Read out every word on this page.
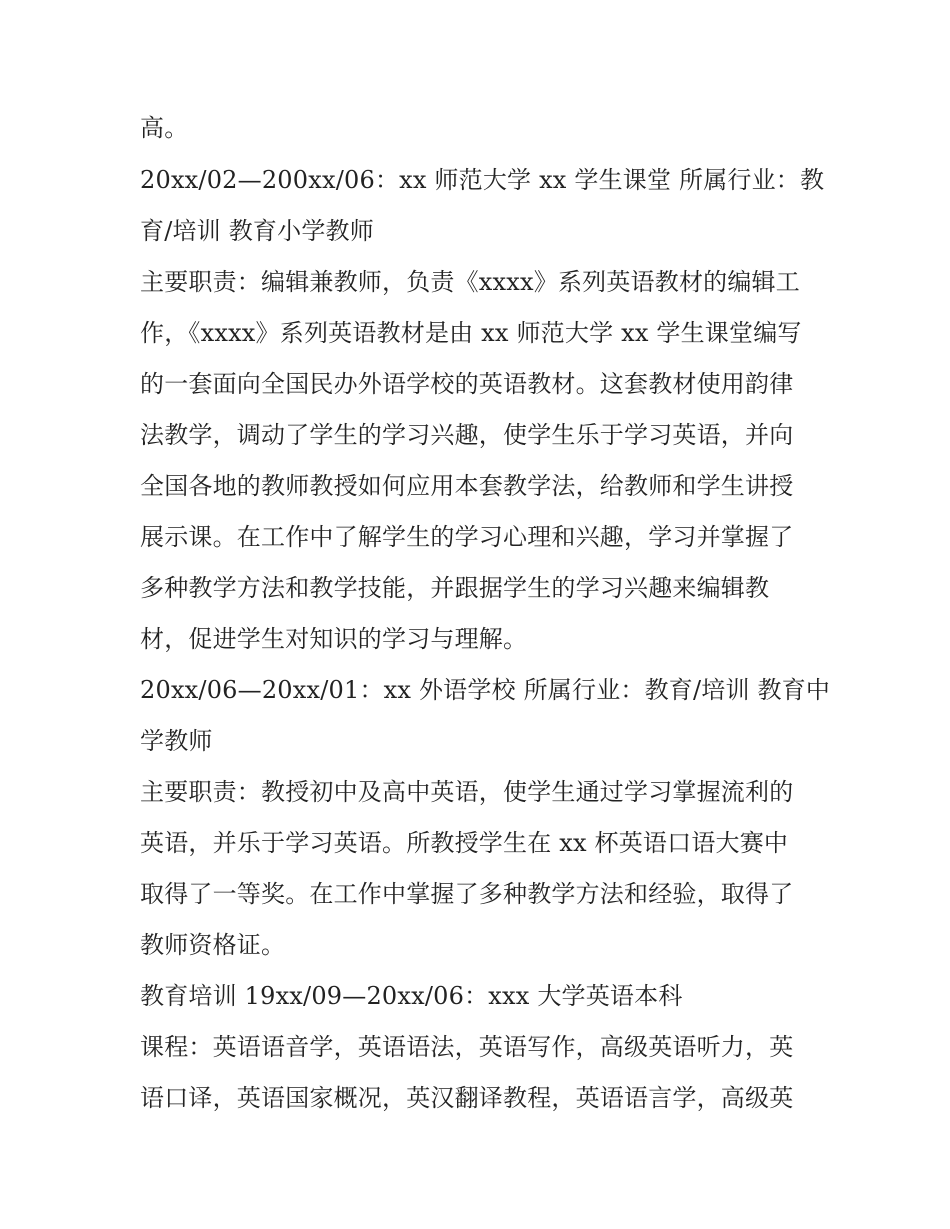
高。

20xx/02—200xx/06：xx 师范大学 xx 学生课堂 所属行业：教

育/培训 教育小学教师

主要职责：编辑兼教师，负责《xxxx》系列英语教材的编辑工

作，《xxxx》系列英语教材是由 xx 师范大学 xx 学生课堂编写

的一套面向全国民办外语学校的英语教材。这套教材使用韵律

法教学，调动了学生的学习兴趣，使学生乐于学习英语，并向

全国各地的教师教授如何应用本套教学法，给教师和学生讲授

展示课。在工作中了解学生的学习心理和兴趣，学习并掌握了

多种教学方法和教学技能，并跟据学生的学习兴趣来编辑教

材，促进学生对知识的学习与理解。

20xx/06—20xx/01：xx 外语学校 所属行业：教育/培训 教育中

学教师

主要职责：教授初中及高中英语，使学生通过学习掌握流利的

英语，并乐于学习英语。所教授学生在 xx 杯英语口语大赛中

取得了一等奖。在工作中掌握了多种教学方法和经验，取得了

教师资格证。

教育培训 19xx/09—20xx/06：xxx 大学英语本科

课程：英语语音学，英语语法，英语写作，高级英语听力，英

语口译，英语国家概况，英汉翻译教程，英语语言学，高级英
